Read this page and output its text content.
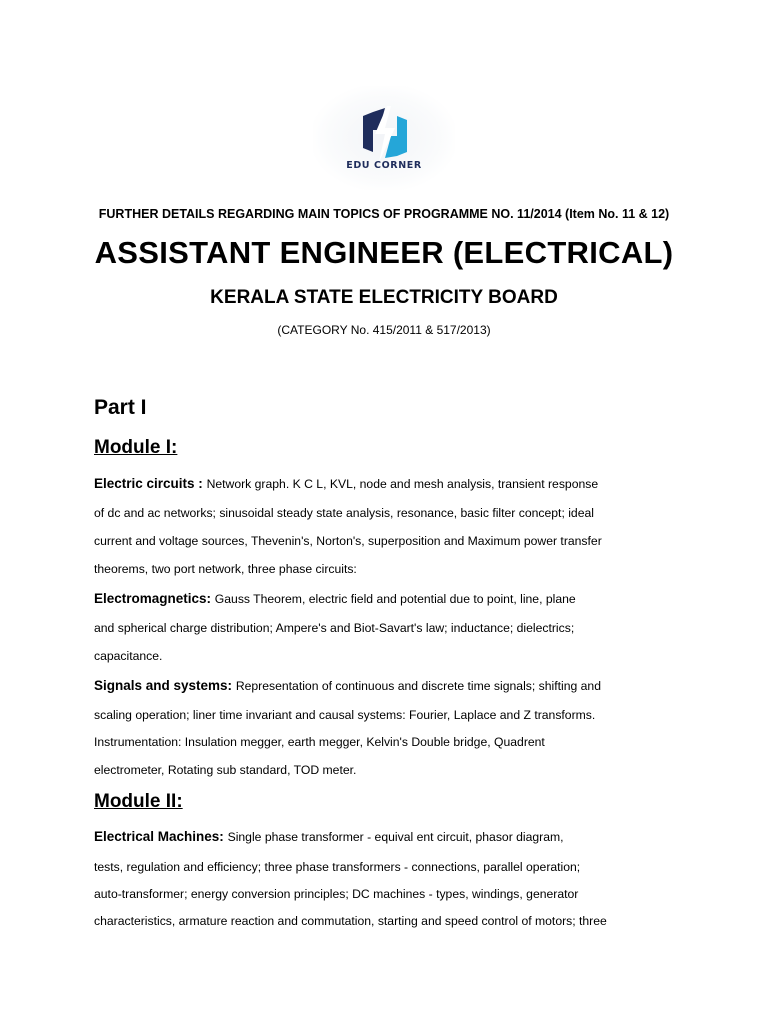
EDU CORNER
FURTHER DETAILS REGARDING MAIN TOPICS OF PROGRAMME NO. 11/2014 (Item No. 11 & 12)
ASSISTANT ENGINEER (ELECTRICAL)
KERALA STATE ELECTRICITY BOARD
(CATEGORY No. 415/2011 & 517/2013)
Part I
Module I:
Electric circuits : Network graph. K C L, KVL, node and mesh analysis, transient response
of dc and ac networks; sinusoidal steady state analysis, resonance, basic filter concept; ideal
current and voltage sources, Thevenin's, Norton's, superposition and Maximum power transfer
theorems, two port network, three phase circuits:
Electromagnetics: Gauss Theorem, electric field and potential due to point, line, plane
and spherical charge distribution; Ampere's and Biot-Savart's law; inductance; dielectrics;
capacitance.
Signals and systems: Representation of continuous and discrete time signals; shifting and
scaling operation; liner time invariant and causal systems: Fourier, Laplace and Z transforms.
Instrumentation: Insulation megger, earth megger, Kelvin's Double bridge, Quadrent
electrometer, Rotating sub standard, TOD meter.
Module II:
Electrical Machines: Single phase transformer - equival ent circuit, phasor diagram,
tests, regulation and efficiency; three phase transformers - connections, parallel operation;
auto-transformer; energy conversion principles; DC machines - types, windings, generator
characteristics, armature reaction and commutation, starting and speed control of motors; three
